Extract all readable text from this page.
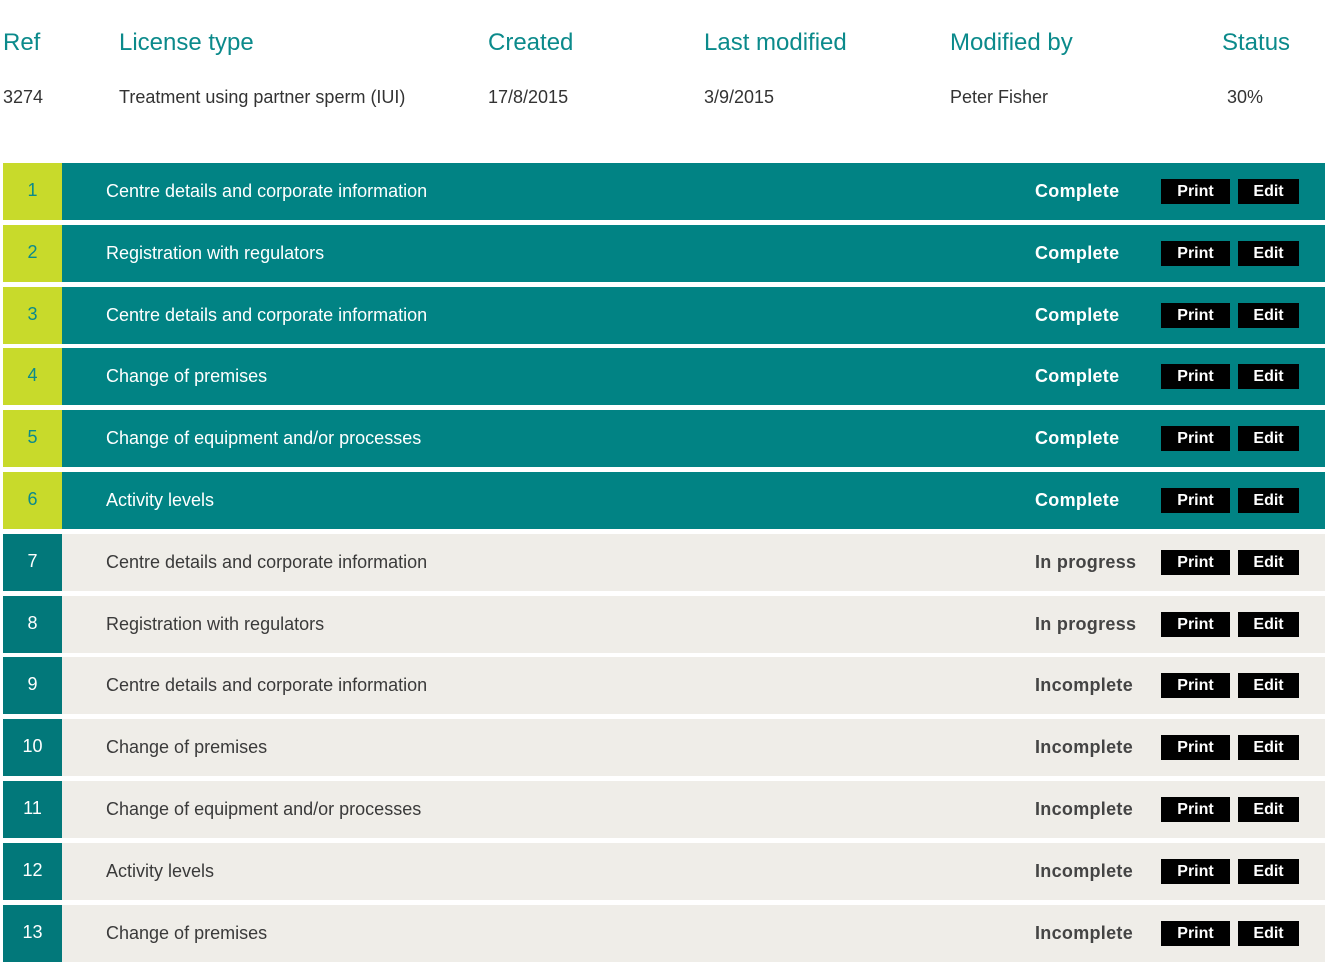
Ref	License type	Created	Last modified	Modified by	Status
3274	Treatment using partner sperm (IUI)	17/8/2015	3/9/2015	Peter Fisher	30%
1	Centre details and corporate information	Complete	Print	Edit
2	Registration with regulators	Complete	Print	Edit
3	Centre details and corporate information	Complete	Print	Edit
4	Change of premises	Complete	Print	Edit
5	Change of equipment and/or processes	Complete	Print	Edit
6	Activity levels	Complete	Print	Edit
7	Centre details and corporate information	In progress	Print	Edit
8	Registration with regulators	In progress	Print	Edit
9	Centre details and corporate information	Incomplete	Print	Edit
10	Change of premises	Incomplete	Print	Edit
11	Change of equipment and/or processes	Incomplete	Print	Edit
12	Activity levels	Incomplete	Print	Edit
13	Change of premises	Incomplete	Print	Edit
